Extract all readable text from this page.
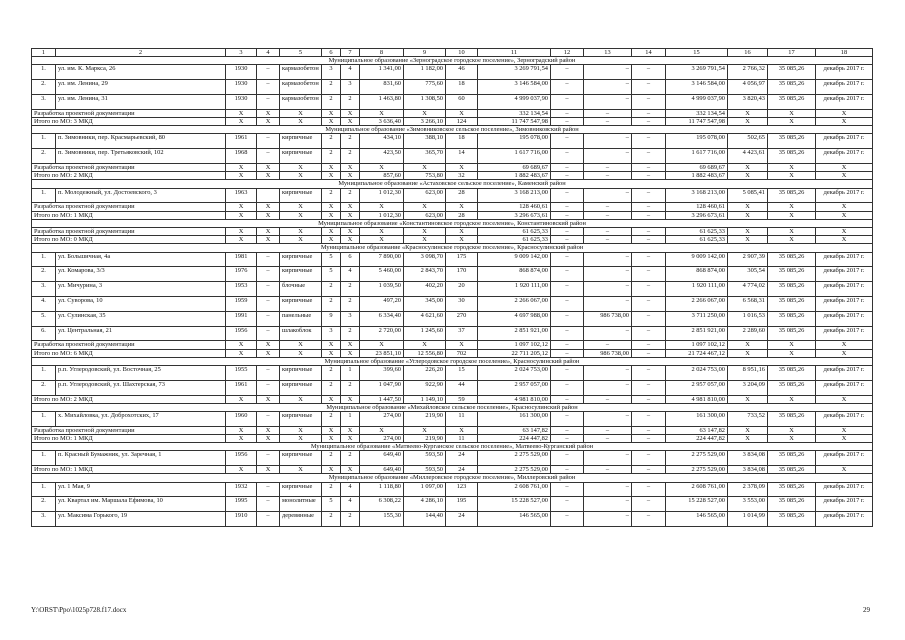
1	2	3	4	5	6	7	8	9	10	11	12	13	14	15	16	17	18
Муниципальное образование «Зерноградское городское поселение», Зерноградский район																	
1.	ул. им. К. Маркса, 26	1930	–	кармазобетон	3	4	1 341,00	1 182,00	46	3 269 791,54	–	–	–	3 269 791,54	2 766,32	35 085,26	декабрь 2017 г.
2.	ул. им. Ленина, 29	1930	–	кармазобетон	2	3	831,60	775,60	18	3 146 584,00	–	–	–	3 146 584,00	4 056,97	35 085,26	декабрь 2017 г.
3.	ул. им. Ленина, 31	1930	–	кармазобетон	2	2	1 463,80	1 308,50	60	4 999 037,90	–	–	–	4 999 037,90	3 820,43	35 085,26	декабрь 2017 г.
Разработка проектной документации		X	X	X	X	X	X	X	X	332 134,54	–	–	–	332 134,54	X	X	X
Итого по МО: 3 МКД		X	X	X	X	X	3 636,40	3 266,10	124	11 747 547,98	–	–	–	11 747 547,98	X	X	X
Муниципальное образование «Зимовниковское сельское поселение», Зимовниковский район																	
1.	п. Зимовники, пер. Красмарьевский, 80	1961	–	кирпичные	2	2	434,10	388,10	18	195 078,00	–	–	–	195 078,00	502,65	35 085,26	декабрь 2017 г.
2.	п. Зимовники, пер. Третьяковский, 102	1968	–	кирпичные	2	2	423,50	365,70	14	1 617 716,00	–	–	–	1 617 716,00	4 423,61	35 085,26	декабрь 2017 г.
Разработка проектной документации		X	X	X	X	X	X	X	X	69 689,67	–	–	–	69 689,67	X	X	X
Итого по МО: 2 МКД		X	X	X	X	X	857,60	753,80	32	1 882 483,67	–	–	–	1 882 483,67	X	X	X
Муниципальное образование «Астаховское сельское поселение», Каменский район																	
1.	п. Молодежный, ул. Достоевского, 3	1963		кирпичные	2	2	1 012,30	623,00	28	3 168 213,00	–	–	–	3 168 213,00	5 085,41	35 085,26	декабрь 2017 г.
Разработка проектной документации		X	X	X	X	X	X	X	X	128 460,61	–	–	–	128 460,61	X	X	X
Итого по МО: 1 МКД		X	X	X	X	X	1 012,30	623,00	28	3 296 673,61	–	–	–	3 296 673,61	X	X	X
Муниципальное образование «Константиновское городское поселение», Константиновский район																	
Разработка проектной документации		X	X	X	X	X	X	X	X	61 625,33	–	–	–	61 625,33	X	X	X
Итого по МО: 0 МКД		X	X	X	X	X	X	X	X	61 625,33	–	–	–	61 625,33	X	X	X
Муниципальное образование «Красносулинское городское поселение», Красносулинский район																	
1.	ул. Большичная, 4а	1981	–	кирпичные	5	6	7 890,00	3 098,70	175	9 009 142,00	–	–	–	9 009 142,00	2 907,39	35 085,26	декабрь 2017 г.
2.	ул. Комарова, 3/3	1976	–	кирпичные	5	4	5 460,00	2 843,70	170	868 874,00	–	–	–	868 874,00	305,54	35 085,26	декабрь 2017 г.
3.	ул. Мичурина, 3	1953	–	блочные	2	2	1 039,50	402,20	20	1 920 111,00	–	–	–	1 920 111,00	4 774,02	35 085,26	декабрь 2017 г.
4.	ул. Суворова, 10	1959	–	кирпичные	2	2	497,20	345,00	30	2 266 067,00	–	–	–	2 266 067,00	6 568,31	35 085,26	декабрь 2017 г.
5.	ул. Сулинская, 35	1991	–	панельные	9	3	6 334,40	4 621,60	270	4 697 988,00	–	986 738,00	–	3 711 250,00	1 016,53	35 085,26	декабрь 2017 г.
6.	ул. Центральная, 21	1956	–	шлакоблок	3	2	2 720,00	1 245,60	37	2 851 921,00	–	–	–	2 851 921,00	2 289,60	35 085,26	декабрь 2017 г.
Разработка проектной документации		X	X	X	X	X	X	X	X	1 097 102,12	–	–	–	1 097 102,12	X	X	X
Итого по МО: 6 МКД		X	X	X	X	X	23 851,10	12 556,80	702	22 711 205,12	–	986 738,00	–	21 724 467,12	X	X	X
Муниципальное образование «Углеродовское городское поселение», Красносулинский район																	
1.	р.п. Углеродовский, ул. Восточная, 25	1955	–	кирпичные	2	1	399,60	226,20	15	2 024 753,00	–	–	–	2 024 753,00	8 951,16	35 085,26	декабрь 2017 г.
2.	р.п. Углеродовский, ул. Шахтерская, 73	1961	–	кирпичные	2	2	1 047,90	922,90	44	2 957 057,00	–	–	–	2 957 057,00	3 204,09	35 085,26	декабрь 2017 г.
Итого по МО: 2 МКД		X	X	X	X	X	1 447,50	1 149,10	59	4 981 810,00	–	–	–	4 981 810,00	X	X	X
Муниципальное образование «Михайловское сельское поселение», Красносулинский район																	
1.	х. Михайловка, ул. Доброхотских, 17	1960	–	кирпичные	2	1	274,00	219,90	11	161 300,00	–	–	–	161 300,00	733,52	35 085,26	декабрь 2017 г.
Разработка проектной документации		X	X	X	X	X	X	X	X	63 147,82	–	–	–	63 147,82	X	X	X
Итого по МО: 1 МКД		X	X	X	X	X	274,00	219,90	11	224 447,82	–	–	–	224 447,82	X	X	X
Муниципальное образование «Матвеево-Курганское сельское поселение», Матвеево-Курганский район																	
1.	п. Красный Бумажник, ул. Заречная, 1	1956	–	кирпичные	2	2	649,40	593,50	24	2 275 529,00	–	–	–	2 275 529,00	3 834,08	35 085,26	декабрь 2017 г.
Итого по МО: 1 МКД		X	X	X	X	X	649,40	593,50	24	2 275 529,00	–	–	–	2 275 529,00	3 834,08	35 085,26	X
Муниципальное образование «Миллеровское городское поселение», Миллеровский район																	
1.	ул. 1 Мая, 9	1932	–	кирпичные	2	4	1 118,80	1 097,00	123	2 608 761,00	–	–	–	2 608 761,00	2 378,09	35 085,26	декабрь 2017 г.
2.	ул. Квартал им. Маршала Ефимова, 10	1995	–	монолитные	5	4	6 308,22	4 286,10	195	15 228 527,00	–	–	–	15 228 527,00	3 553,00	35 085,26	декабрь 2017 г.
3.	ул. Максима Горького, 19	1910	–	деревянные	2	2	155,30	144,40	24	146 565,00	–	–	–	146 565,00	1 014,99	35 085,26	декабрь 2017 г.
Y:\ORST\Ppo\1025p728.f17.docx	29
